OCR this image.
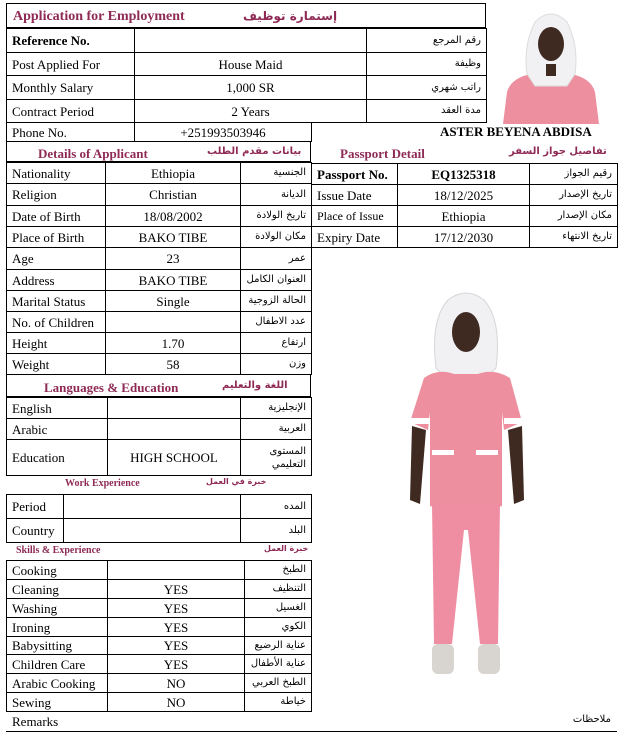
Application for Employment	إستمارة توظيف
Reference No.		رقم المرجع
Post Applied For	House Maid	وظيفة
Monthly Salary	1,000 SR	راتب شهري
Contract Period	2 Years	مدة العقد
Phone No.	+251993503946	ASTER BEYENA ABDISA
Details of Applicant	بيانات مقدم الطلب
Nationality	Ethiopia	الجنسية
Religion	Christian	الديانة
Date of Birth	18/08/2002	تاريخ الولادة
Place of Birth	BAKO TIBE	مكان الولادة
Age	23	عمر
Address	BAKO TIBE	العنوان الكامل
Marital Status	Single	الحالة الزوجية
No. of Children		عدد الاطفال
Height	1.70	ارتفاع
Weight	58	وزن
Passport Detail	تفاصيل جواز السفر
Passport No.	EQ1325318	رقيم الجواز
Issue Date	18/12/2025	تاريخ الإصدار
Place of Issue	Ethiopia	مكان الإصدار
Expiry Date	17/12/2030	تاريخ الانتهاء
Languages & Education	اللغة والتعليم
English		الإنجليزية
Arabic		العربية
Education	HIGH SCHOOL	المستوى التعليمي
Work Experience	خبرة في العمل
Period		المده
Country		البلد
Skills & Experience	خبرة العمل
Cooking		الطبخ
Cleaning	YES	التنظيف
Washing	YES	الغسيل
Ironing	YES	الكوي
Babysitting	YES	عناية الرضيع
Children Care	YES	عناية الأطفال
Arabic Cooking	NO	الطبخ العربي
Sewing	NO	خياطة
Remarks	ملاحظات
